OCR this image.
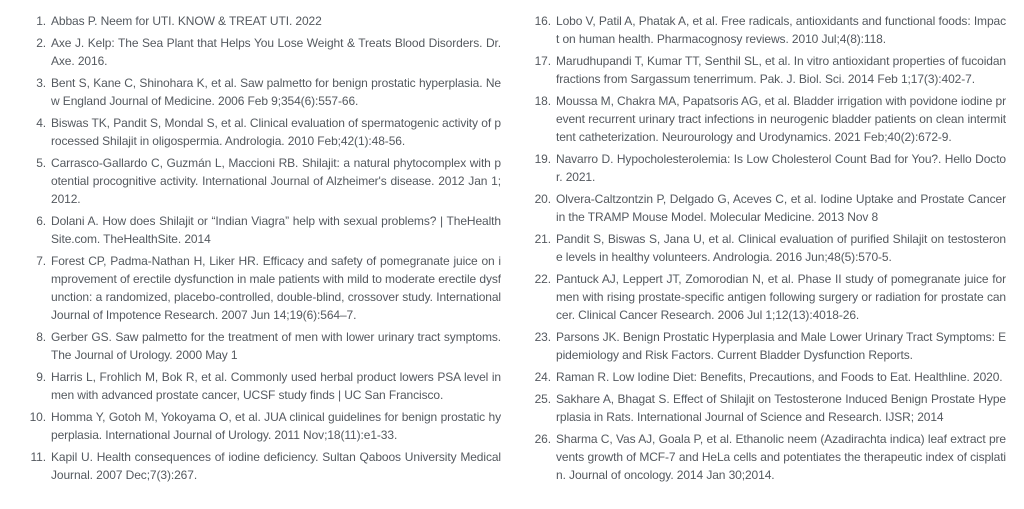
1. Abbas P. Neem for UTI. KNOW & TREAT UTI. 2022
2. Axe J. Kelp: The Sea Plant that Helps You Lose Weight & Treats Blood Disorders. Dr. Axe. 2016.
3. Bent S, Kane C, Shinohara K, et al. Saw palmetto for benign prostatic hyperplasia. New England Journal of Medicine. 2006 Feb 9;354(6):557-66.
4. Biswas TK, Pandit S, Mondal S, et al. Clinical evaluation of spermatogenic activity of processed Shilajit in oligospermia. Andrologia. 2010 Feb;42(1):48-56.
5. Carrasco-Gallardo C, Guzmán L, Maccioni RB. Shilajit: a natural phytocomplex with potential procognitive activity. International Journal of Alzheimer's disease. 2012 Jan 1;2012.
6. Dolani A. How does Shilajit or “Indian Viagra” help with sexual problems? | TheHealthSite.com. TheHealthSite. 2014
7. Forest CP, Padma-Nathan H, Liker HR. Efficacy and safety of pomegranate juice on improvement of erectile dysfunction in male patients with mild to moderate erectile dysfunction: a randomized, placebo-controlled, double-blind, crossover study. International Journal of Impotence Research. 2007 Jun 14;19(6):564–7.
8. Gerber GS. Saw palmetto for the treatment of men with lower urinary tract symptoms. The Journal of Urology. 2000 May 1
9. Harris L, Frohlich M, Bok R, et al. Commonly used herbal product lowers PSA level in men with advanced prostate cancer, UCSF study finds | UC San Francisco.
10. Homma Y, Gotoh M, Yokoyama O, et al. JUA clinical guidelines for benign prostatic hyperplasia. International Journal of Urology. 2011 Nov;18(11):e1-33.
11. Kapil U. Health consequences of iodine deficiency. Sultan Qaboos University Medical Journal. 2007 Dec;7(3):267.
16. Lobo V, Patil A, Phatak A, et al. Free radicals, antioxidants and functional foods: Impact on human health. Pharmacognosy reviews. 2010 Jul;4(8):118.
17. Marudhupandi T, Kumar TT, Senthil SL, et al. In vitro antioxidant properties of fucoidan fractions from Sargassum tenerrimum. Pak. J. Biol. Sci. 2014 Feb 1;17(3):402-7.
18. Moussa M, Chakra MA, Papatsoris AG, et al. Bladder irrigation with povidone iodine prevent recurrent urinary tract infections in neurogenic bladder patients on clean intermittent catheterization. Neurourology and Urodynamics. 2021 Feb;40(2):672-9.
19. Navarro D. Hypocholesterolemia: Is Low Cholesterol Count Bad for You?. Hello Doctor. 2021.
20. Olvera-Caltzontzin P, Delgado G, Aceves C, et al. Iodine Uptake and Prostate Cancer in the TRAMP Mouse Model. Molecular Medicine. 2013 Nov 8
21. Pandit S, Biswas S, Jana U, et al. Clinical evaluation of purified Shilajit on testosterone levels in healthy volunteers. Andrologia. 2016 Jun;48(5):570-5.
22. Pantuck AJ, Leppert JT, Zomorodian N, et al. Phase II study of pomegranate juice for men with rising prostate-specific antigen following surgery or radiation for prostate cancer. Clinical Cancer Research. 2006 Jul 1;12(13):4018-26.
23. Parsons JK. Benign Prostatic Hyperplasia and Male Lower Urinary Tract Symptoms: Epidemiology and Risk Factors. Current Bladder Dysfunction Reports.
24. Raman R. Low Iodine Diet: Benefits, Precautions, and Foods to Eat. Healthline. 2020.
25. Sakhare A, Bhagat S. Effect of Shilajit on Testosterone Induced Benign Prostate Hyperplasia in Rats. International Journal of Science and Research. IJSR; 2014
26. Sharma C, Vas AJ, Goala P, et al. Ethanolic neem (Azadirachta indica) leaf extract prevents growth of MCF-7 and HeLa cells and potentiates the therapeutic index of cisplatin. Journal of oncology. 2014 Jan 30;2014.
